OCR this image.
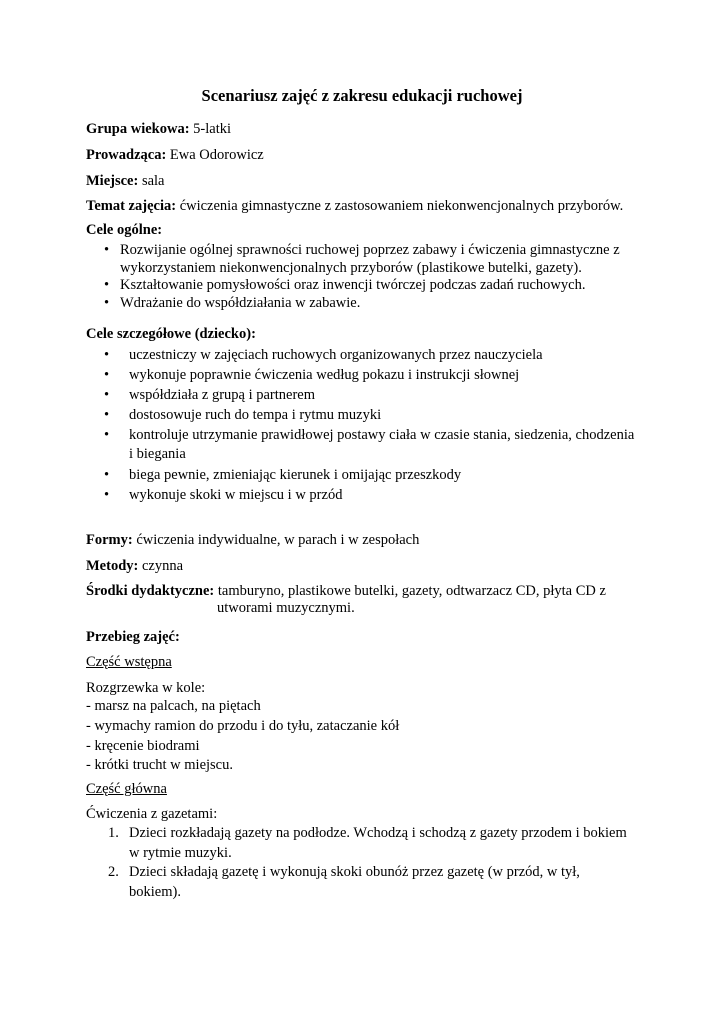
Scenariusz zajęć z zakresu edukacji ruchowej
Grupa wiekowa: 5-latki
Prowadząca: Ewa Odorowicz
Miejsce: sala
Temat zajęcia: ćwiczenia gimnastyczne z zastosowaniem niekonwencjonalnych przyborów.
Cele ogólne:
• Rozwijanie ogólnej sprawności ruchowej poprzez zabawy i ćwiczenia gimnastyczne z
wykorzystaniem niekonwencjonalnych przyborów (plastikowe butelki, gazety).
• Kształtowanie pomysłowości oraz inwencji twórczej podczas zadań ruchowych.
• Wdrażanie do współdziałania w zabawie.
Cele szczegółowe (dziecko):
• uczestniczy w zajęciach ruchowych organizowanych przez nauczyciela
• wykonuje poprawnie ćwiczenia według pokazu i instrukcji słownej
• współdziała z grupą i partnerem
• dostosowuje ruch do tempa i rytmu muzyki
• kontroluje utrzymanie prawidłowej postawy ciała w czasie stania, siedzenia, chodzenia
i biegania
• biega pewnie, zmieniając kierunek i omijając przeszkody
• wykonuje skoki w miejscu i w przód
Formy: ćwiczenia indywidualne, w parach i w zespołach
Metody: czynna
Środki dydaktyczne: tamburyno, plastikowe butelki, gazety, odtwarzacz CD, płyta CD z
utworami muzycznymi.
Przebieg zajęć:
Część wstępna
Rozgrzewka w kole:
- marsz na palcach, na piętach
- wymachy ramion do przodu i do tyłu, zataczanie kół
- kręcenie biodrami
- krótki trucht w miejscu.
Część główna
Ćwiczenia z gazetami:
1. Dzieci rozkładają gazety na podłodze. Wchodzą i schodzą z gazety przodem i bokiem
w rytmie muzyki.
2. Dzieci składają gazetę i wykonują skoki obunóż przez gazetę (w przód, w tył,
bokiem).
